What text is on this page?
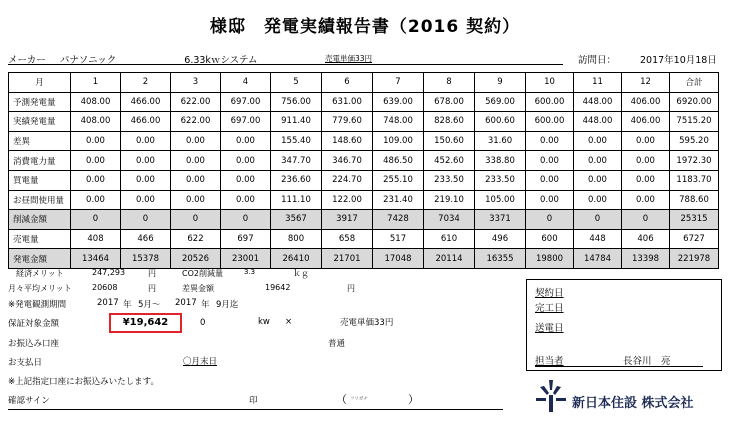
様邸　発電実績報告書（2016 契約）
メーカー パナソニック	6.33kｗシステム	売電単価33円	訪問日：	2017年10月18日
月	1	2	3	4	5	6	7	8	9	10	11	12	合計
予測発電量	408.00	466.00	622.00	697.00	756.00	631.00	639.00	678.00	569.00	600.00	448.00	406.00	6920.00
実績発電量	408.00	466.00	622.00	697.00	911.40	779.60	748.00	828.60	600.60	600.00	448.00	406.00	7515.20
差異	0.00	0.00	0.00	0.00	155.40	148.60	109.00	150.60	31.60	0.00	0.00	0.00	595.20
消費電力量	0.00	0.00	0.00	0.00	347.70	346.70	486.50	452.60	338.80	0.00	0.00	0.00	1972.30
買電量	0.00	0.00	0.00	0.00	236.60	224.70	255.10	233.50	233.50	0.00	0.00	0.00	1183.70
お昼間使用量	0.00	0.00	0.00	0.00	111.10	122.00	231.40	219.10	105.00	0.00	0.00	0.00	788.60
削減金額	0	0	0	0	3567	3917	7428	7034	3371	0	0	0	25315
売電量	408	466	622	697	800	658	517	610	496	600	448	406	6727
発電金額	13464	15378	20526	23001	26410	21701	17048	20114	16355	19800	14784	13398	221978
経済メリット	247,293	円	CO2削減量	3.3	ｋｇ
月々平均メリット	20608	円	差異金額	19642	円
※発電観測期間	2017 年 5月～ 2017 年 9月迄
保証対象金額	¥19,642	0	kw ×	売電単価33円
お振込み口座	普通
お支払日	〇月末日
※上記指定口座にお振込みいたします。
確認サイン	印	（ フリガナ	）
契約日
完工日
送電日
担当者	長谷川　亮
新日本住設 株式会社
